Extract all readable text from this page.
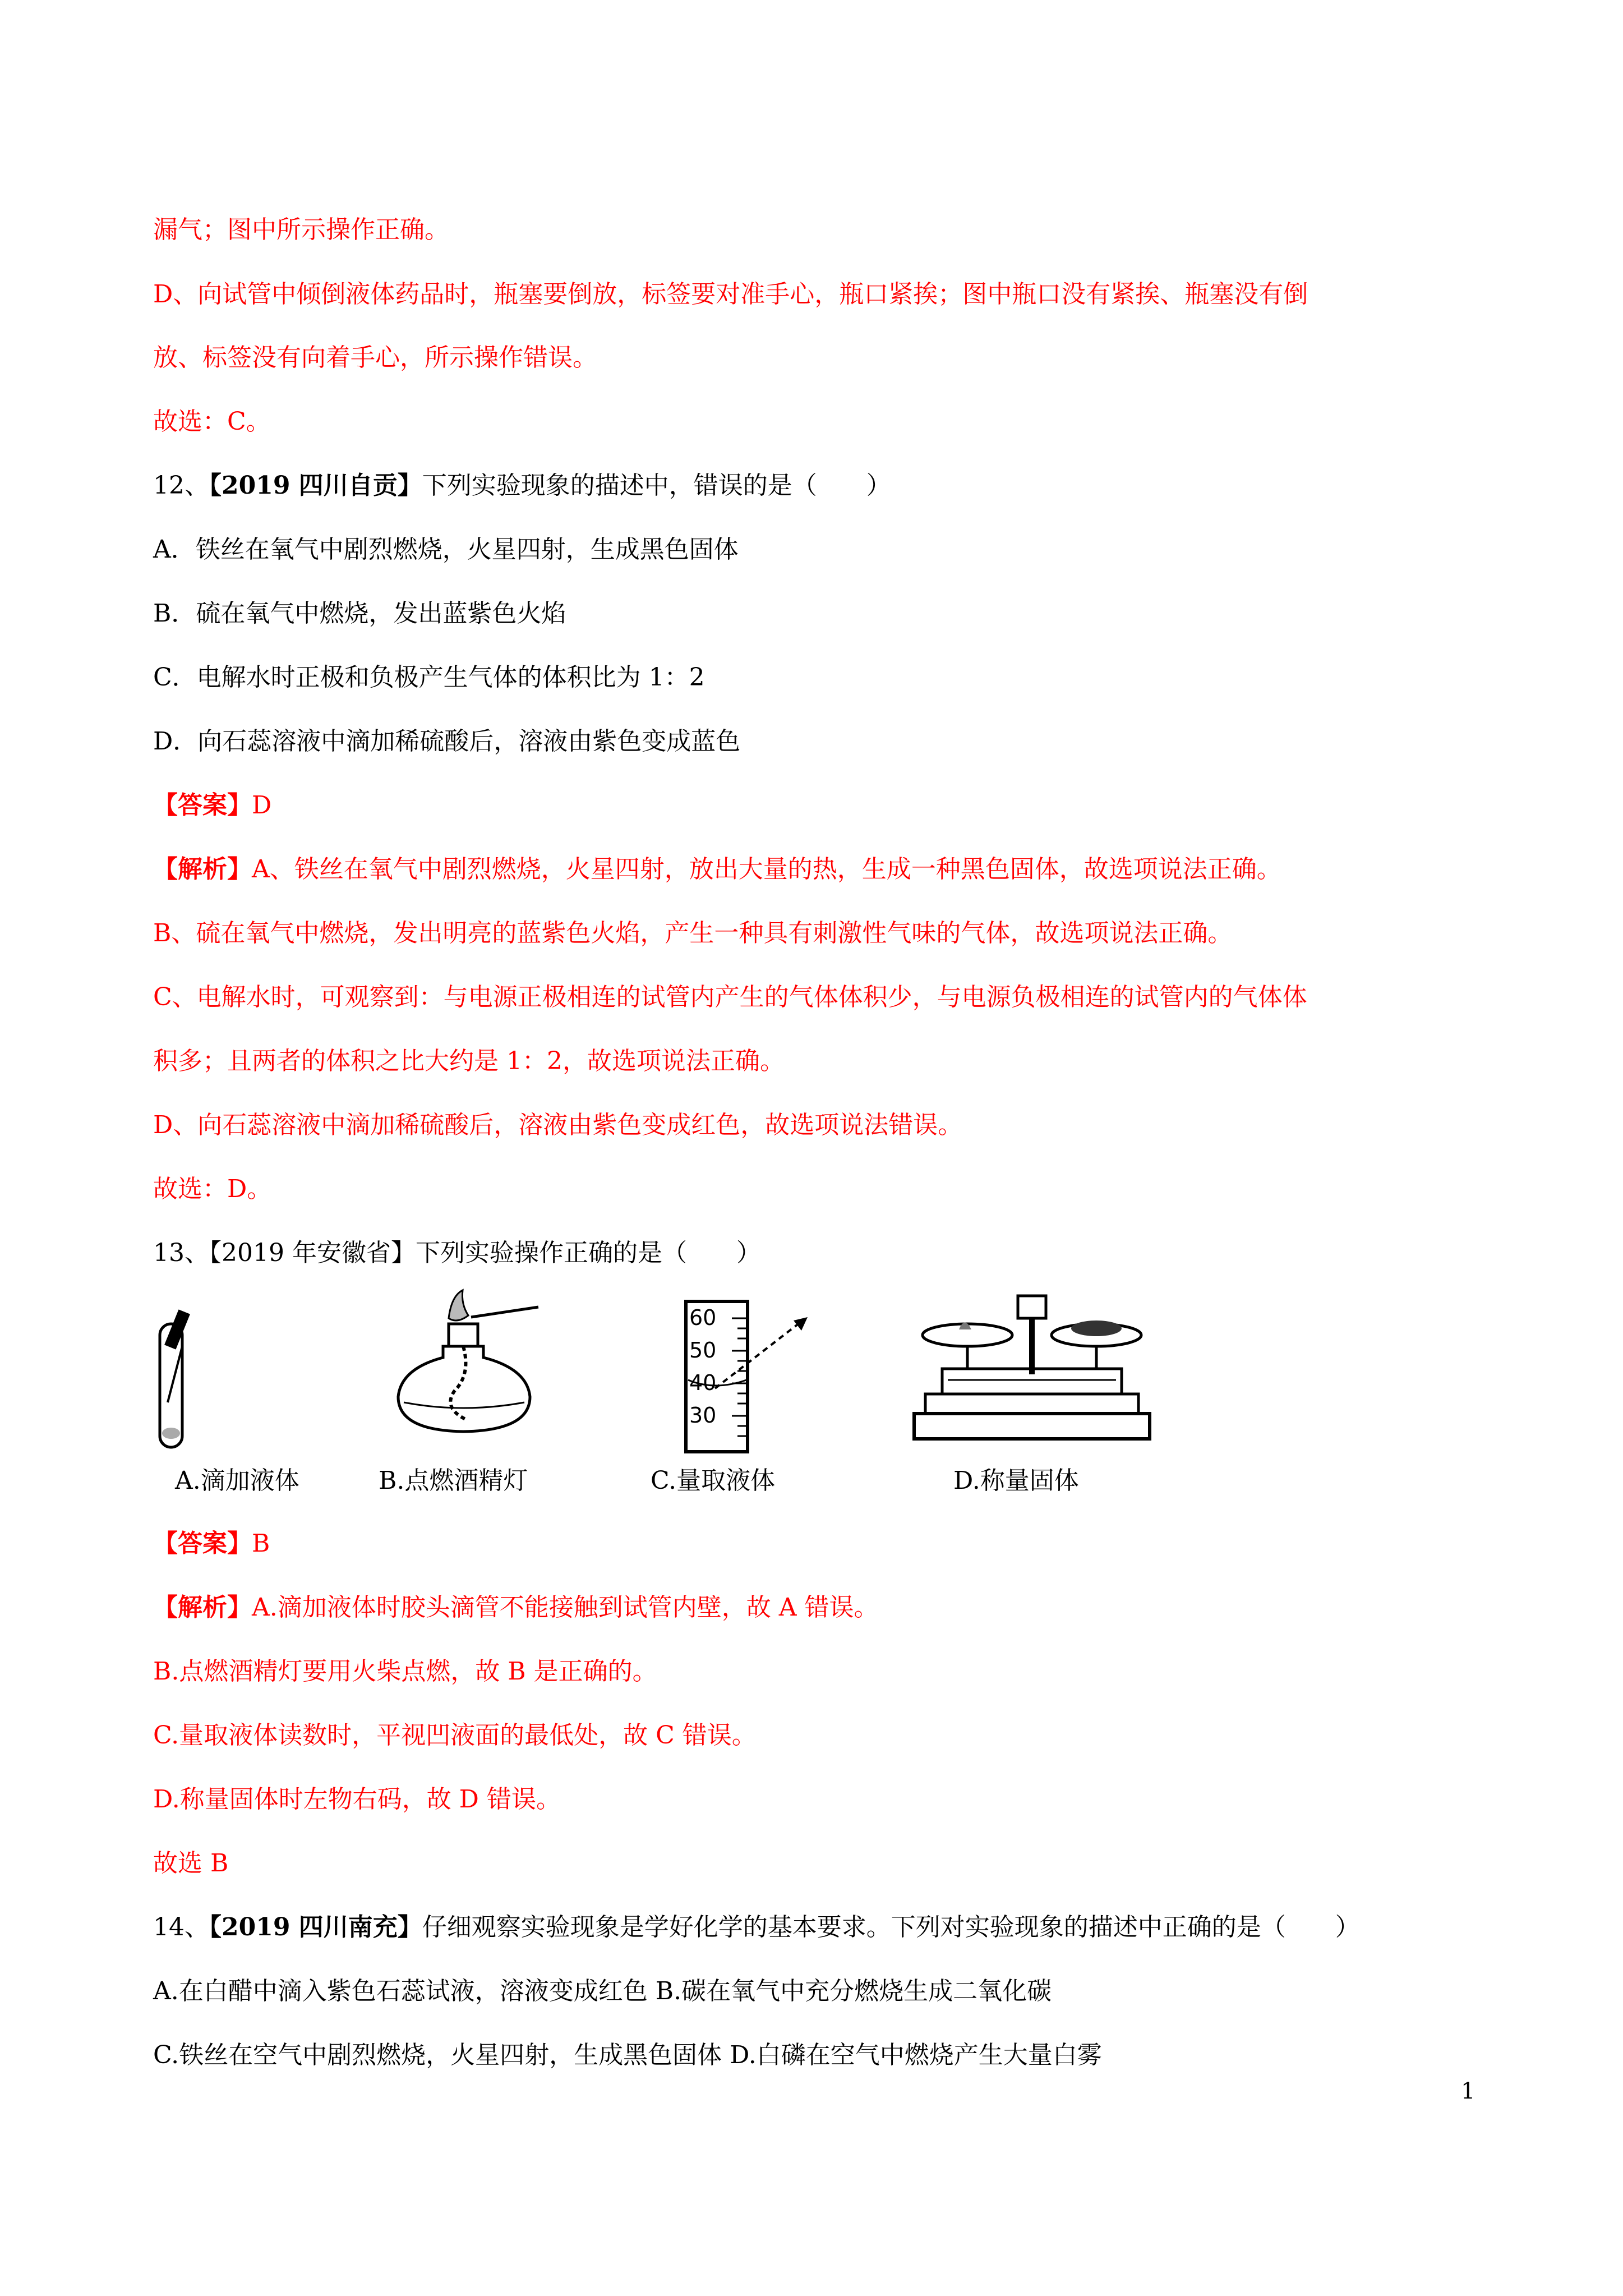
漏气；图中所示操作正确。
D、向试管中倾倒液体药品时，瓶塞要倒放，标签要对准手心，瓶口紧挨；图中瓶口没有紧挨、瓶塞没有倒
放、标签没有向着手心，所示操作错误。
故选：C。
12、【2019 四川自贡】下列实验现象的描述中，错误的是（　　）
A．铁丝在氧气中剧烈燃烧，火星四射，生成黑色固体
B．硫在氧气中燃烧，发出蓝紫色火焰
C．电解水时正极和负极产生气体的体积比为 1：2
D．向石蕊溶液中滴加稀硫酸后，溶液由紫色变成蓝色
【答案】D
【解析】A、铁丝在氧气中剧烈燃烧，火星四射，放出大量的热，生成一种黑色固体，故选项说法正确。
B、硫在氧气中燃烧，发出明亮的蓝紫色火焰，产生一种具有刺激性气味的气体，故选项说法正确。
C、电解水时，可观察到：与电源正极相连的试管内产生的气体体积少，与电源负极相连的试管内的气体体
积多；且两者的体积之比大约是 1：2，故选项说法正确。
D、向石蕊溶液中滴加稀硫酸后，溶液由紫色变成红色，故选项说法错误。
故选：D。
13、【2019 年安徽省】下列实验操作正确的是（　　）
60
50
40
30
A.滴加液体	B.点燃酒精灯	C.量取液体	D.称量固体
【答案】B
【解析】A.滴加液体时胶头滴管不能接触到试管内壁，故 A 错误。
B.点燃酒精灯要用火柴点燃，故 B 是正确的。
C.量取液体读数时，平视凹液面的最低处，故 C 错误。
D.称量固体时左物右码，故 D 错误。
故选 B
14、【2019 四川南充】仔细观察实验现象是学好化学的基本要求。下列对实验现象的描述中正确的是（　　）
A.在白醋中滴入紫色石蕊试液，溶液变成红色 B.碳在氧气中充分燃烧生成二氧化碳
C.铁丝在空气中剧烈燃烧，火星四射，生成黑色固体 D.白磷在空气中燃烧产生大量白雾
1
